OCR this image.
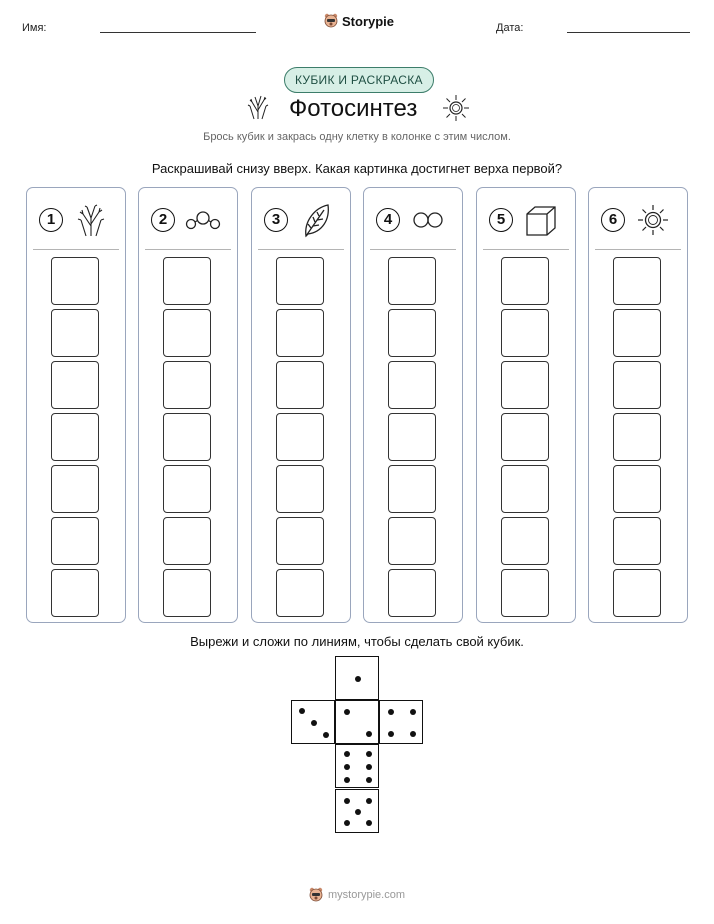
Имя:	Storypie	Дата:
КУБИК И РАСКРАСКА
Фотосинтез
Брось кубик и закрась одну клетку в колонке с этим числом.
Раскрашивай снизу вверх. Какая картинка достигнет верха первой?
1	2	3	4	5	6
Вырежи и сложи по линиям, чтобы сделать свой кубик.
mystorypie.com
